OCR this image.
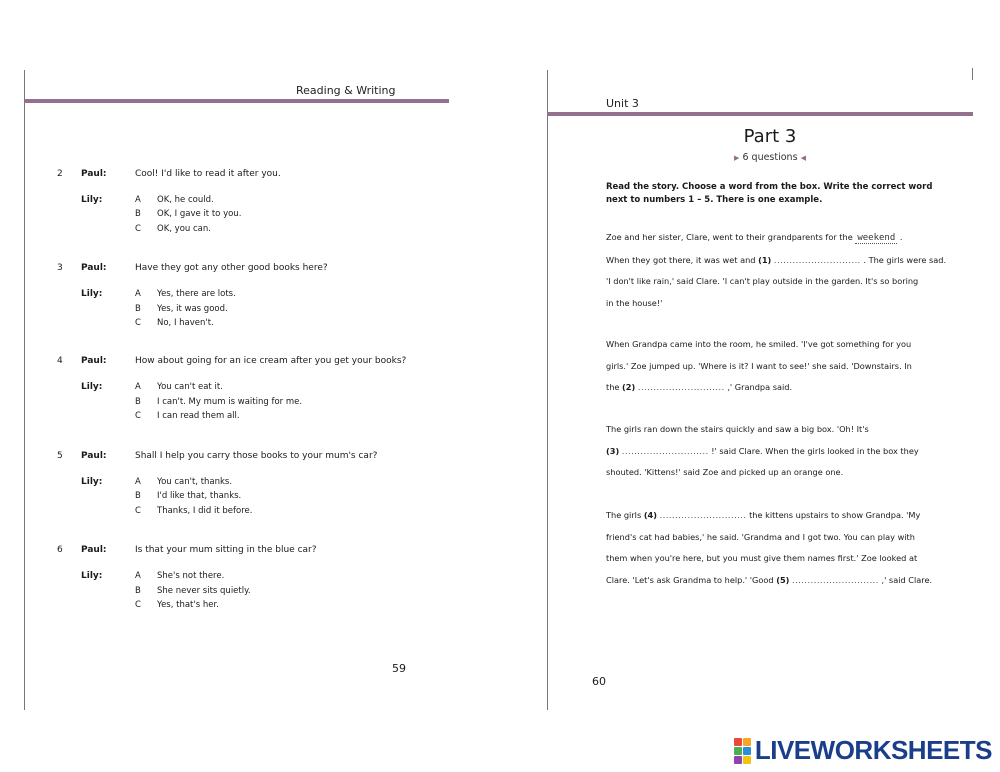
Reading & Writing
2	Paul:	Cool! I'd like to read it after you.
Lily:	A OK, he could.
B OK, I gave it to you.
C OK, you can.
3	Paul:	Have they got any other good books here?
Lily:	A Yes, there are lots.
B Yes, it was good.
C No, I haven't.
4	Paul:	How about going for an ice cream after you get your books?
Lily:	A You can't eat it.
B I can't. My mum is waiting for me.
C I can read them all.
5	Paul:	Shall I help you carry those books to your mum's car?
Lily:	A You can't, thanks.
B I'd like that, thanks.
C Thanks, I did it before.
6	Paul:	Is that your mum sitting in the blue car?
Lily:	A She's not there.
B She never sits quietly.
C Yes, that's her.
59
Unit 3
Part 3
▶ 6 questions ◀
Read the story. Choose a word from the box. Write the correct word next to numbers 1 – 5. There is one example.
Zoe and her sister, Clare, went to their grandparents for the weekend .
When they got there, it was wet and (1) ............................ . The girls were sad.
'I don't like rain,' said Clare. 'I can't play outside in the garden. It's so boring
in the house!'
When Grandpa came into the room, he smiled. 'I've got something for you
girls.' Zoe jumped up. 'Where is it? I want to see!' she said. 'Downstairs. In
the (2) ............................ ,' Grandpa said.
The girls ran down the stairs quickly and saw a big box. 'Oh! It's
(3) ............................ !' said Clare. When the girls looked in the box they
shouted. 'Kittens!' said Zoe and picked up an orange one.
The girls (4) ............................ the kittens upstairs to show Grandpa. 'My
friend's cat had babies,' he said. 'Grandma and I got two. You can play with
them when you're here, but you must give them names first.' Zoe looked at
Clare. 'Let's ask Grandma to help.' 'Good (5) ............................ ,' said Clare.
60
LIVEWORKSHEETS
